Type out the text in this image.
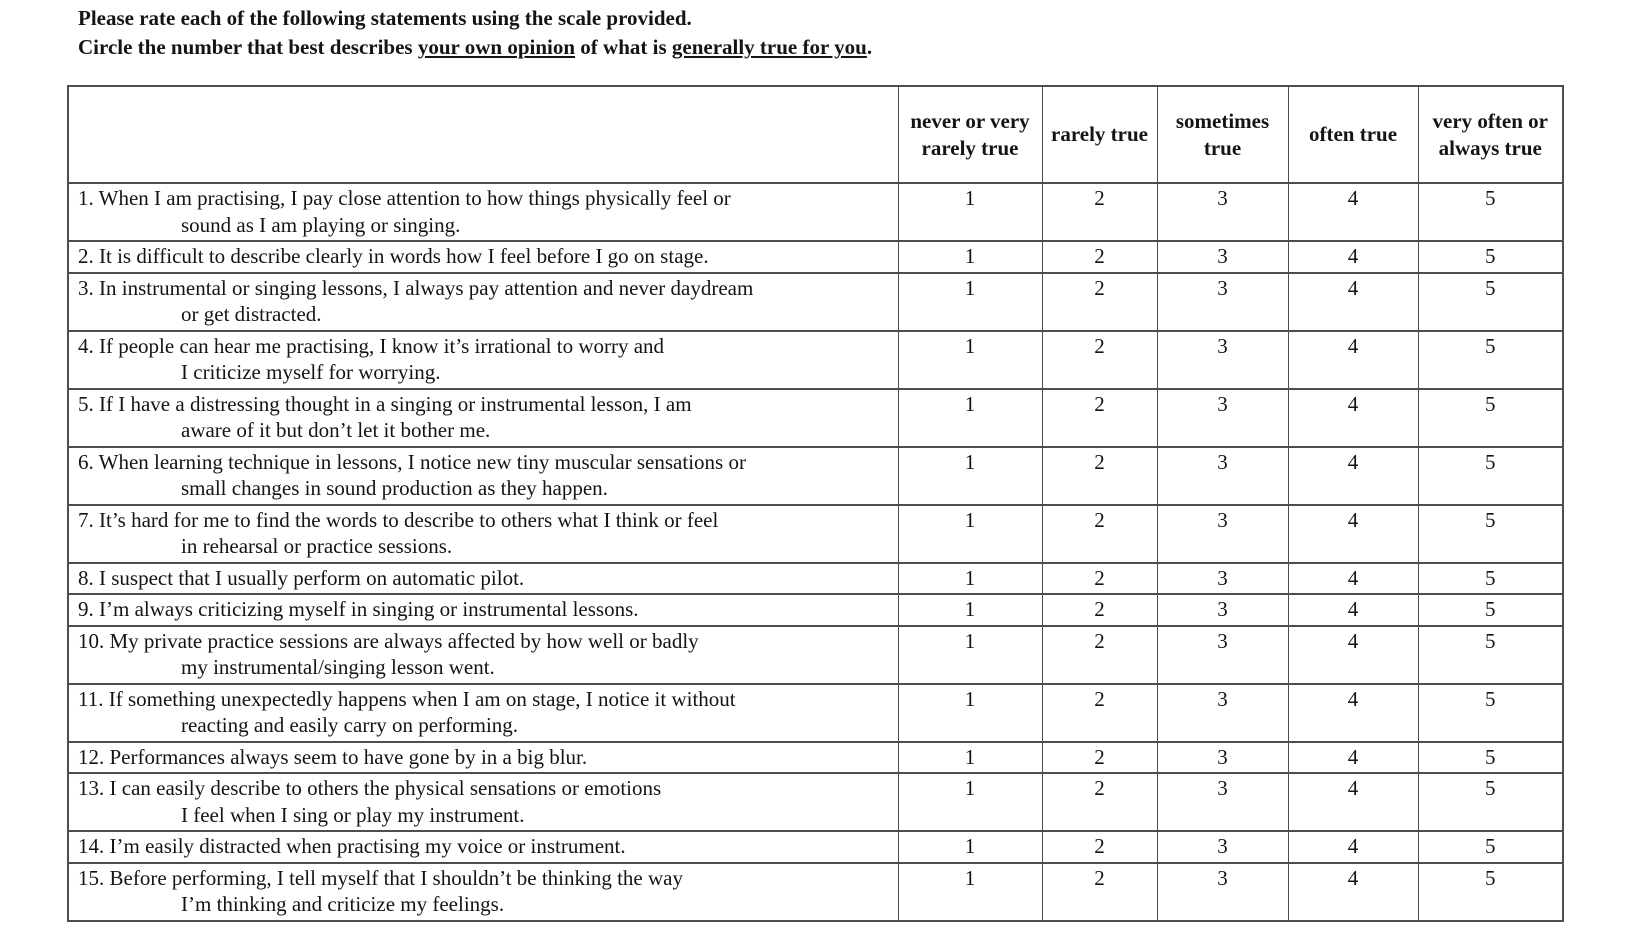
Please rate each of the following statements using the scale provided.
Circle the number that best describes your own opinion of what is generally true for you.
	never or very rarely true	rarely true	sometimes true	often true	very often or always true

1. When I am practising, I pay close attention to how things physically feel or
sound as I am playing or singing.	1	2	3	4	5

2. It is difficult to describe clearly in words how I feel before I go on stage.	1	2	3	4	5

3. In instrumental or singing lessons, I always pay attention and never daydream
or get distracted.	1	2	3	4	5

4. If people can hear me practising, I know it’s irrational to worry and
I criticize myself for worrying.	1	2	3	4	5

5. If I have a distressing thought in a singing or instrumental lesson, I am
aware of it but don’t let it bother me.	1	2	3	4	5

6. When learning technique in lessons, I notice new tiny muscular sensations or
small changes in sound production as they happen.	1	2	3	4	5

7. It’s hard for me to find the words to describe to others what I think or feel
in rehearsal or practice sessions.	1	2	3	4	5

8. I suspect that I usually perform on automatic pilot.	1	2	3	4	5

9. I’m always criticizing myself in singing or instrumental lessons.	1	2	3	4	5

10. My private practice sessions are always affected by how well or badly
my instrumental/singing lesson went.	1	2	3	4	5

11. If something unexpectedly happens when I am on stage, I notice it without
reacting and easily carry on performing.	1	2	3	4	5

12. Performances always seem to have gone by in a big blur.	1	2	3	4	5

13. I can easily describe to others the physical sensations or emotions
I feel when I sing or play my instrument.	1	2	3	4	5

14. I’m easily distracted when practising my voice or instrument.	1	2	3	4	5

15. Before performing, I tell myself that I shouldn’t be thinking the way
I’m thinking and criticize my feelings.	1	2	3	4	5
